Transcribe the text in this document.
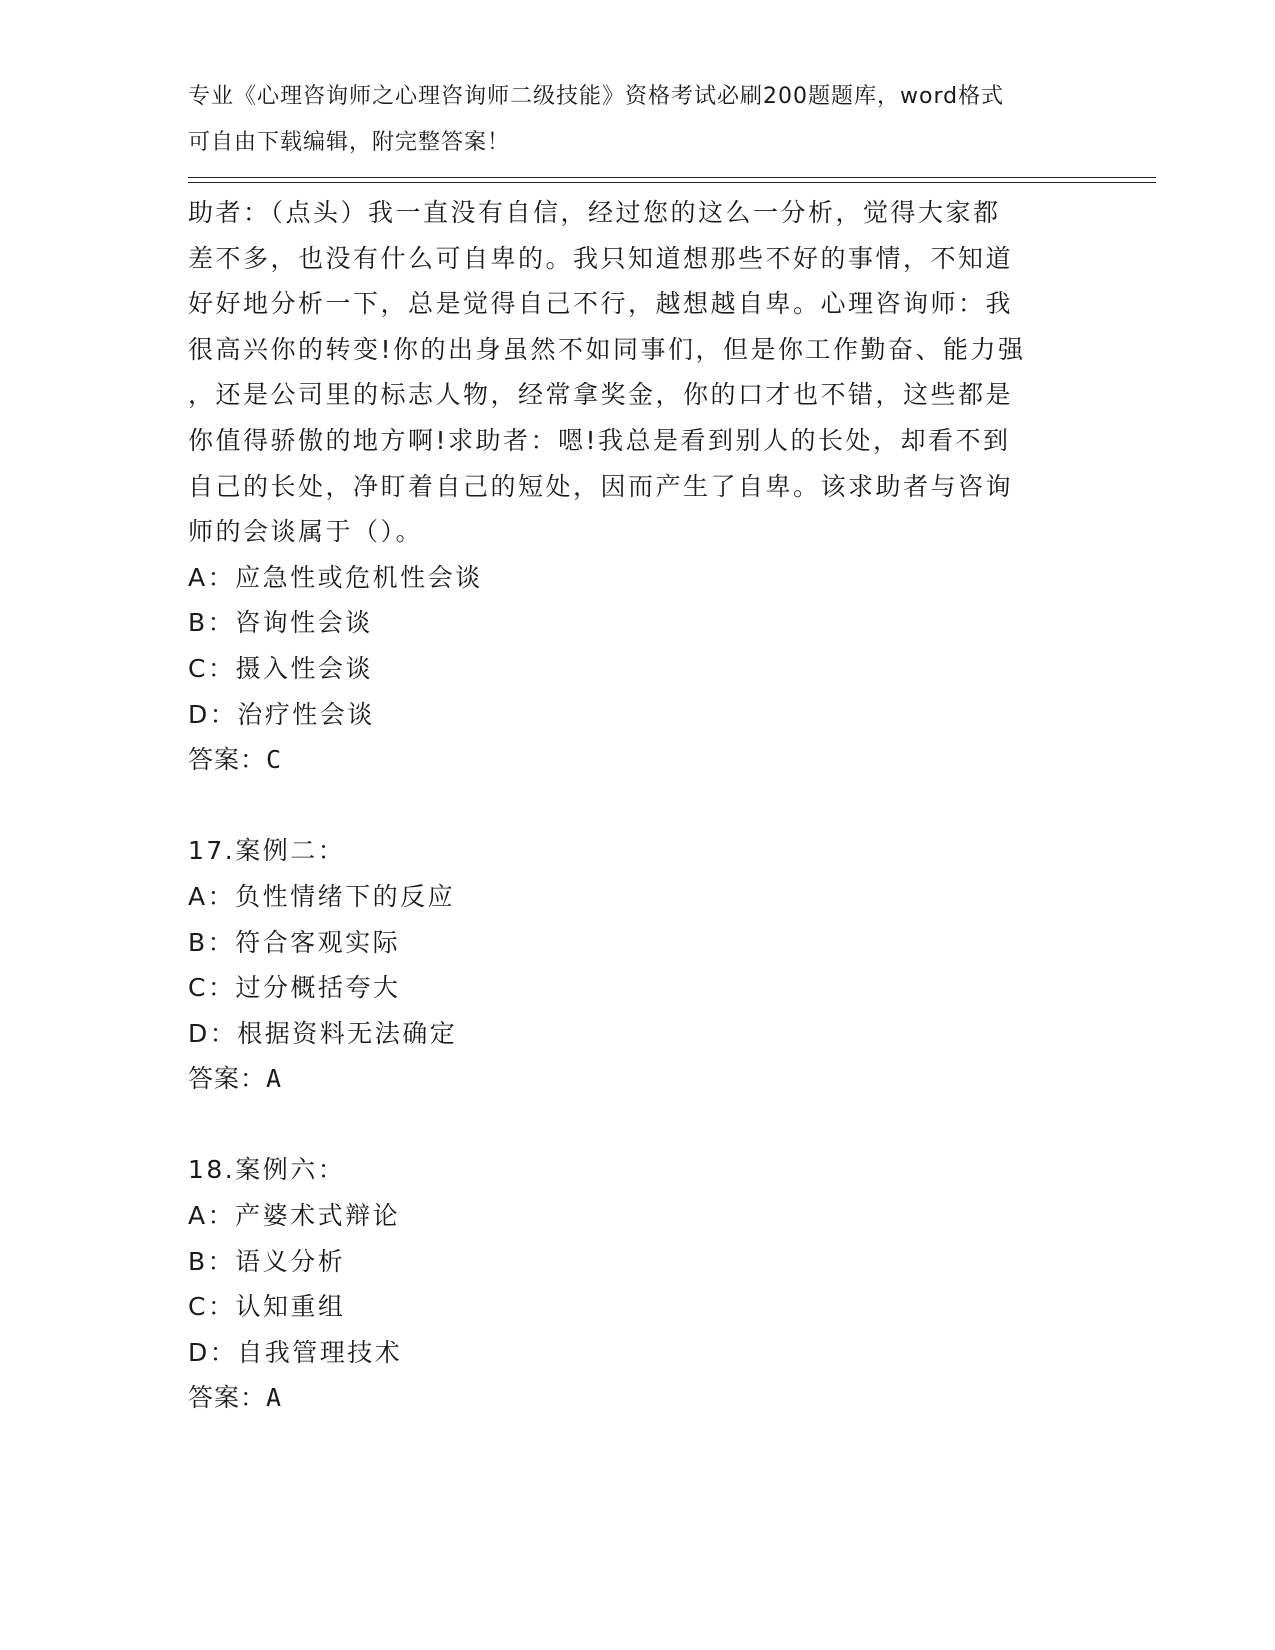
专业《心理咨询师之心理咨询师二级技能》资格考试必刷200题题库，word格式
可自由下载编辑，附完整答案！
助者：（点头）我一直没有自信，经过您的这么一分析，觉得大家都
差不多，也没有什么可自卑的。我只知道想那些不好的事情，不知道
好好地分析一下，总是觉得自己不行，越想越自卑。心理咨询师：我
很高兴你的转变!你的出身虽然不如同事们，但是你工作勤奋、能力强
，还是公司里的标志人物，经常拿奖金，你的口才也不错，这些都是
你值得骄傲的地方啊!求助者：嗯!我总是看到别人的长处，却看不到
自己的长处，净盯着自己的短处，因而产生了自卑。该求助者与咨询
师的会谈属于（）。
A：应急性或危机性会谈
B：咨询性会谈
C：摄入性会谈
D：治疗性会谈
答案：C
17.案例二：
A：负性情绪下的反应
B：符合客观实际
C：过分概括夸大
D：根据资料无法确定
答案：A
18.案例六：
A：产婆术式辩论
B：语义分析
C：认知重组
D：自我管理技术
答案：A
